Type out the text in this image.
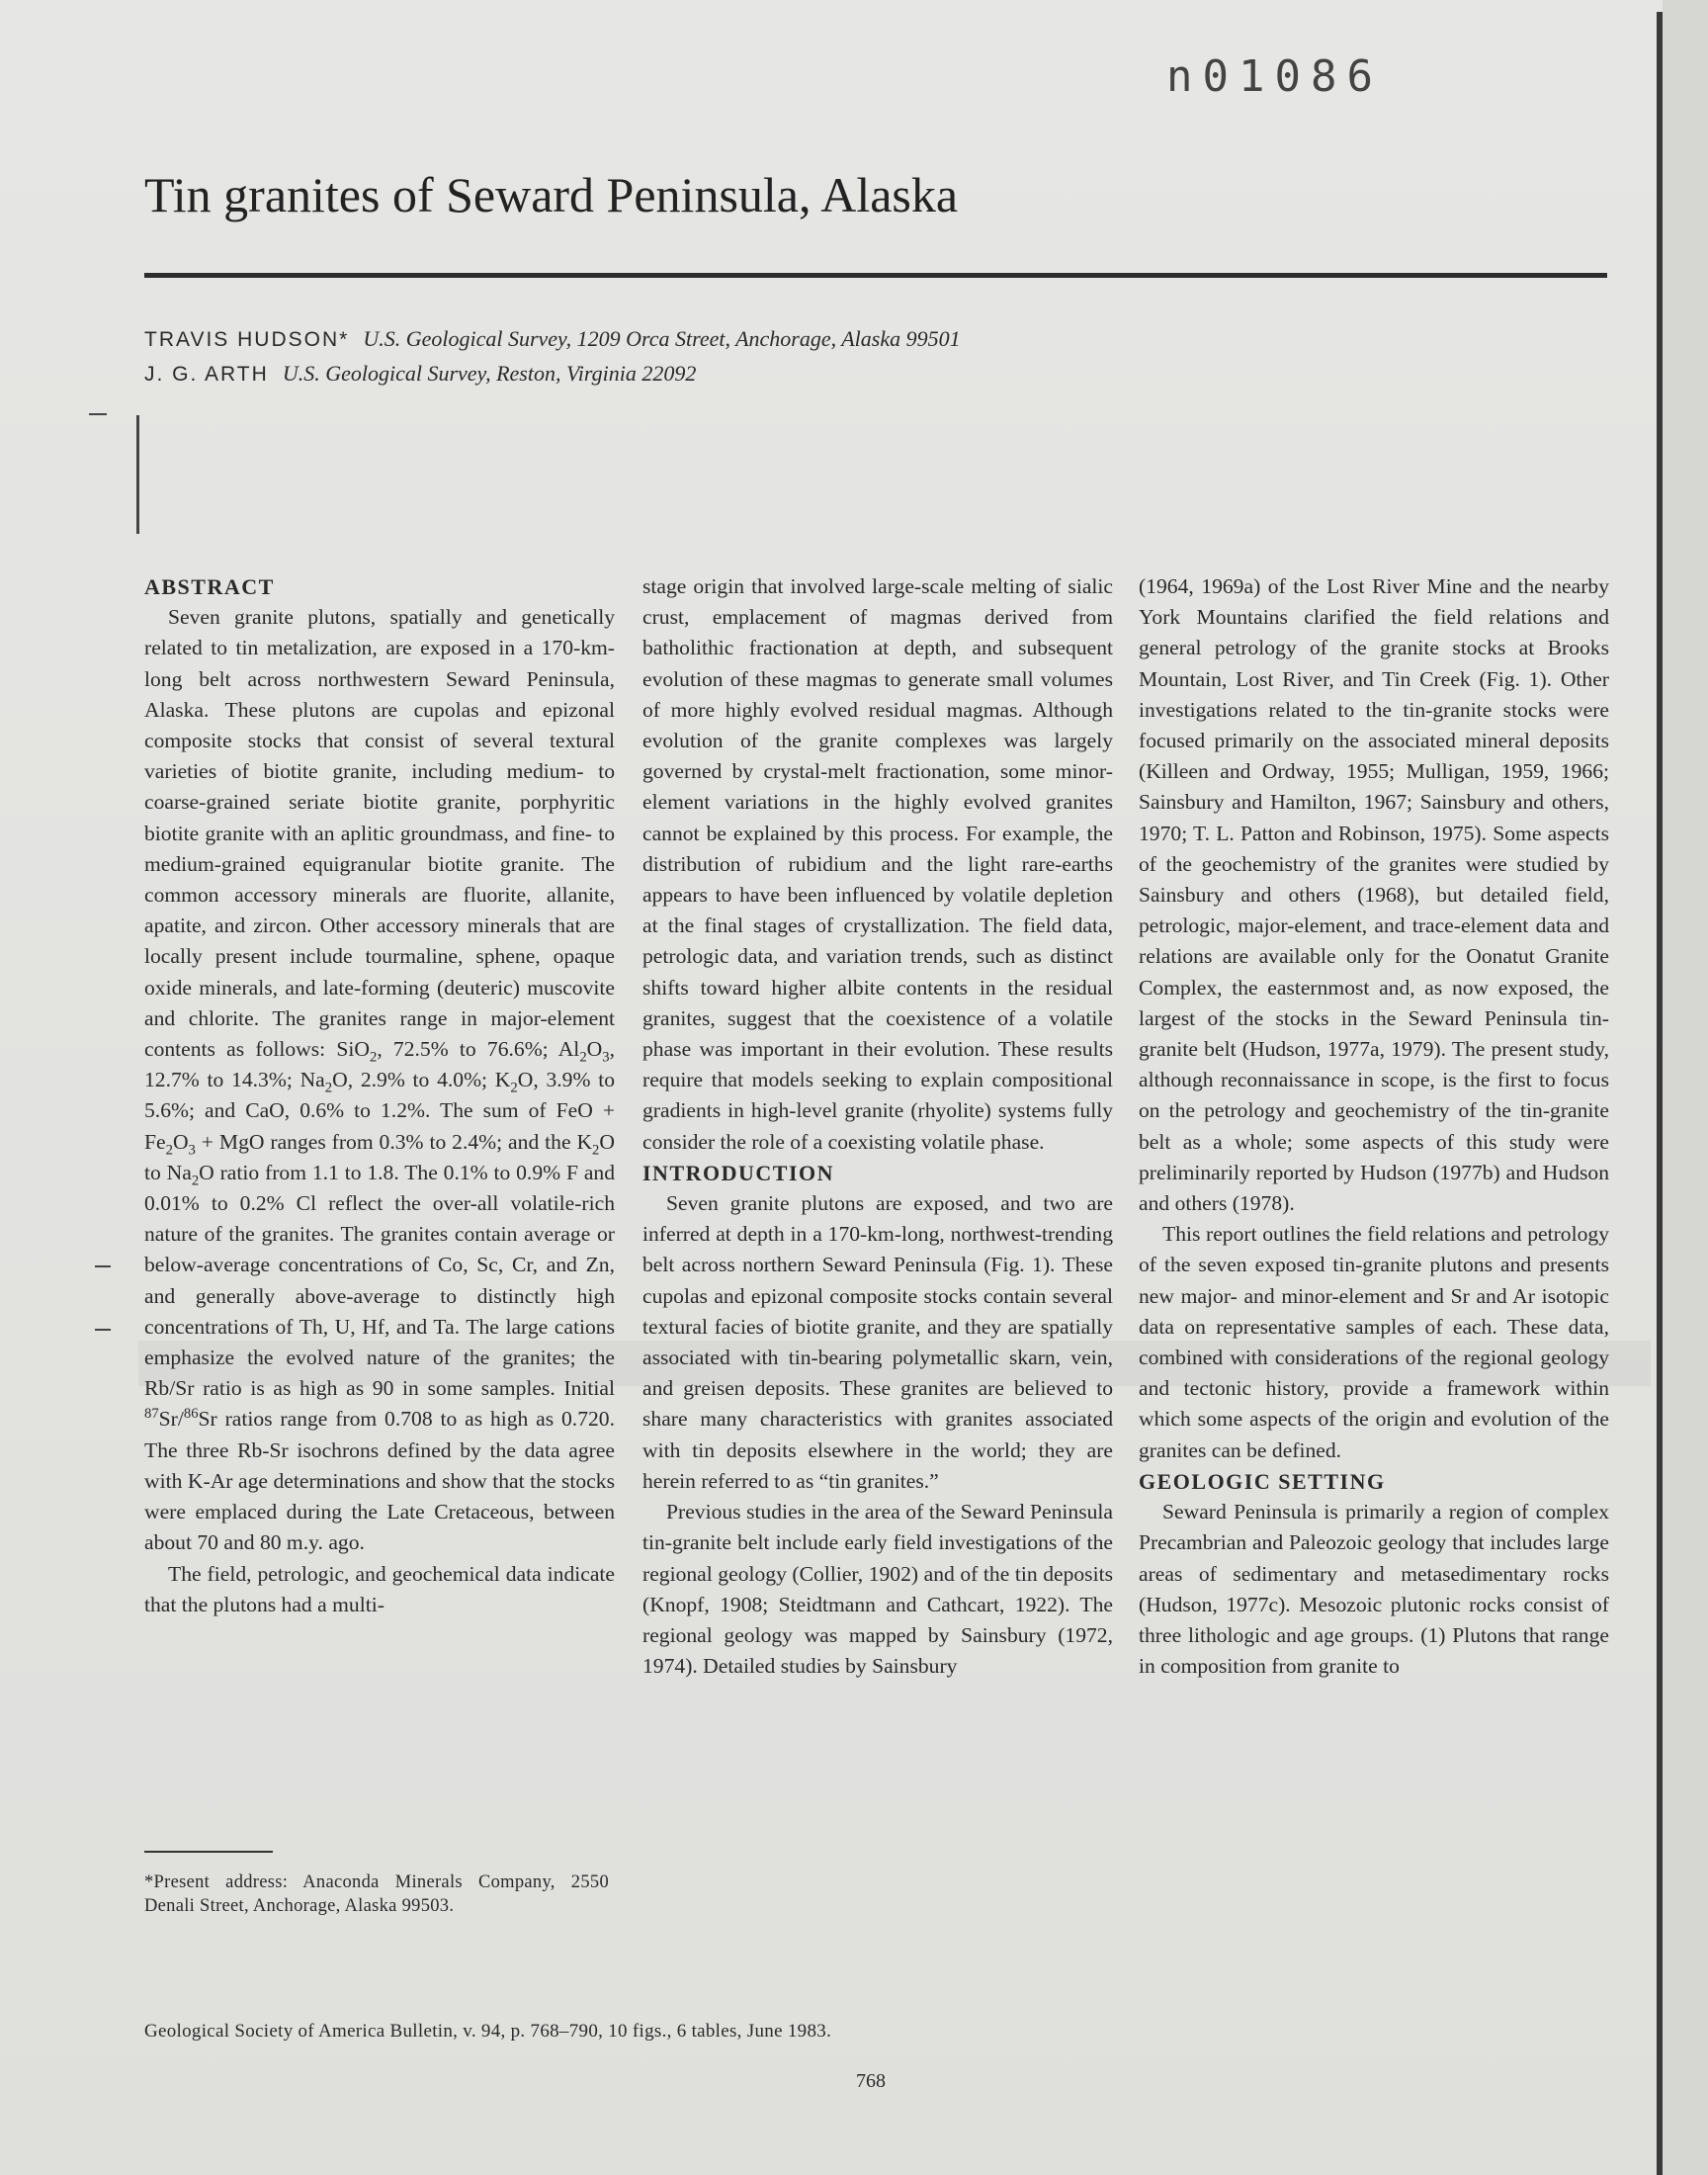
n01086
Tin granites of Seward Peninsula, Alaska
TRAVIS HUDSON* U.S. Geological Survey, 1209 Orca Street, Anchorage, Alaska 99501
J. G. ARTH U.S. Geological Survey, Reston, Virginia 22092

ABSTRACT

Seven granite plutons, spatially and genetically related to tin metalization, are exposed in a 170-km-long belt across northwestern Seward Peninsula, Alaska. These plutons are cupolas and epizonal composite stocks that consist of several textural varieties of biotite granite, including medium- to coarse-grained seriate biotite granite, porphyritic biotite granite with an aplitic groundmass, and fine- to medium-grained equigranular biotite granite. The common accessory minerals are fluorite, allanite, apatite, and zircon. Other accessory minerals that are locally present include tourmaline, sphene, opaque oxide minerals, and late-forming (deuteric) muscovite and chlorite. The granites range in major-element contents as follows: SiO$_2$, 72.5% to 76.6%; $Al_2O_3$, 12.7% to 14.3%; $Na_2O$, 2.9% to 4.0%; $K_2O$, 3.9% to 5.6%; and CaO, 0.6% to 1.2%. The sum of FeO + $Fe_2O_3$ + MgO ranges from 0.3% to 2.4%; and the $K_2O$ to $Na_2O$ ratio from 1.1 to 1.8. The 0.1% to 0.9% F and 0.01% to 0.2% Cl reflect the over-all volatile-rich nature of the granites. The granites contain average or below-average concentrations of Co, Sc, Cr, and Zn, and generally above-average to distinctly high concentrations of Th, U, Hf, and Ta. The large cations emphasize the evolved nature of the granites; the Rb/Sr ratio is as high as 90 in some samples. Initial $^{87}$Sr/$^{86}$Sr ratios range from 0.708 to as high as 0.720. The three Rb-Sr isochrons defined by the data agree with K-Ar age determinations and show that the stocks were emplaced during the Late Cretaceous, between about 70 and 80 m.y. ago.

The field, petrologic, and geochemical data indicate that the plutons had a multi-

stage origin that involved large-scale melting of sialic crust, emplacement of magmas derived from batholithic fractionation at depth, and subsequent evolution of these magmas to generate small volumes of more highly evolved residual magmas. Although evolution of the granite complexes was largely governed by crystal-melt fractionation, some minor-element variations in the highly evolved granites cannot be explained by this process. For example, the distribution of rubidium and the light rare-earths appears to have been influenced by volatile depletion at the final stages of crystallization. The field data, petrologic data, and variation trends, such as distinct shifts toward higher albite contents in the residual granites, suggest that the coexistence of a volatile phase was important in their evolution. These results require that models seeking to explain compositional gradients in high-level granite (rhyolite) systems fully consider the role of a coexisting volatile phase.

INTRODUCTION

Seven granite plutons are exposed, and two are inferred at depth in a 170-km-long, northwest-trending belt across northern Seward Peninsula (Fig. 1). These cupolas and epizonal composite stocks contain several textural facies of biotite granite, and they are spatially associated with tin-bearing polymetallic skarn, vein, and greisen deposits. These granites are believed to share many characteristics with granites associated with tin deposits elsewhere in the world; they are herein referred to as “tin granites.”

Previous studies in the area of the Seward Peninsula tin-granite belt include early field investigations of the regional geology (Collier, 1902) and of the tin deposits (Knopf, 1908; Steidtmann and Cathcart, 1922). The regional geology was mapped by Sainsbury (1972, 1974). Detailed studies by Sainsbury

(1964, 1969a) of the Lost River Mine and the nearby York Mountains clarified the field relations and general petrology of the granite stocks at Brooks Mountain, Lost River, and Tin Creek (Fig. 1). Other investigations related to the tin-granite stocks were focused primarily on the associated mineral deposits (Killeen and Ordway, 1955; Mulligan, 1959, 1966; Sainsbury and Hamilton, 1967; Sainsbury and others, 1970; T. L. Patton and Robinson, 1975). Some aspects of the geochemistry of the granites were studied by Sainsbury and others (1968), but detailed field, petrologic, major-element, and trace-element data and relations are available only for the Oonatut Granite Complex, the easternmost and, as now exposed, the largest of the stocks in the Seward Peninsula tin-granite belt (Hudson, 1977a, 1979). The present study, although reconnaissance in scope, is the first to focus on the petrology and geochemistry of the tin-granite belt as a whole; some aspects of this study were preliminarily reported by Hudson (1977b) and Hudson and others (1978).

This report outlines the field relations and petrology of the seven exposed tin-granite plutons and presents new major- and minor-element and Sr and Ar isotopic data on representative samples of each. These data, combined with considerations of the regional geology and tectonic history, provide a framework within which some aspects of the origin and evolution of the granites can be defined.

GEOLOGIC SETTING

Seward Peninsula is primarily a region of complex Precambrian and Paleozoic geology that includes large areas of sedimentary and metasedimentary rocks (Hudson, 1977c). Mesozoic plutonic rocks consist of three lithologic and age groups. (1) Plutons that range in composition from granite to

*Present address: Anaconda Minerals Company, 2550 Denali Street, Anchorage, Alaska 99503.
Geological Society of America Bulletin, v. 94, p. 768–790, 10 figs., 6 tables, June 1983.
768
